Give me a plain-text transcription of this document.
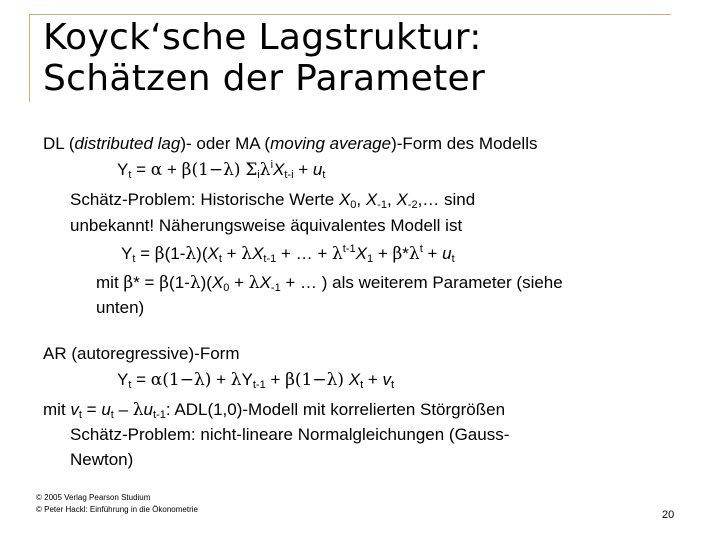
Koyck‘sche Lagstruktur:
Schätzen der Parameter
DL (distributed lag)- oder MA (moving average)-Form des Modells
$Y_t = \alpha + \beta(1-\lambda) \Sigma_i\lambda^iX_{t-i} + u_t$
Schätz-Problem: Historische Werte $X_0$, $X_{-1}$, $X_{-2},\dots$ sind
unbekannt! Näherungsweise äquivalentes Modell ist
$Y_t = \beta(1-\lambda)(X_t + \lambda X_{t-1}$ + … + $\lambda^{t-1}X_1 + \beta*\lambda^t + u_t$
mit $\beta* = \beta(1-\lambda)(X_0 + \lambda X_{-1}$ + … ) als weiterem Parameter (siehe
unten)
AR (autoregressive)-Form
$Y_t = \alpha(1-\lambda) + \lambda Y_{t-1} + \beta(1-\lambda) X_t + v_t$
mit $v_t = u_t - \lambda u_{t-1}$: ADL(1,0)-Modell mit korrelierten Störgrößen
Schätz-Problem: nicht-lineare Normalgleichungen (Gauss-
Newton)
© 2005 Verlag Pearson Studium
© Peter Hackl: Einführung in die Ökonometrie	20
